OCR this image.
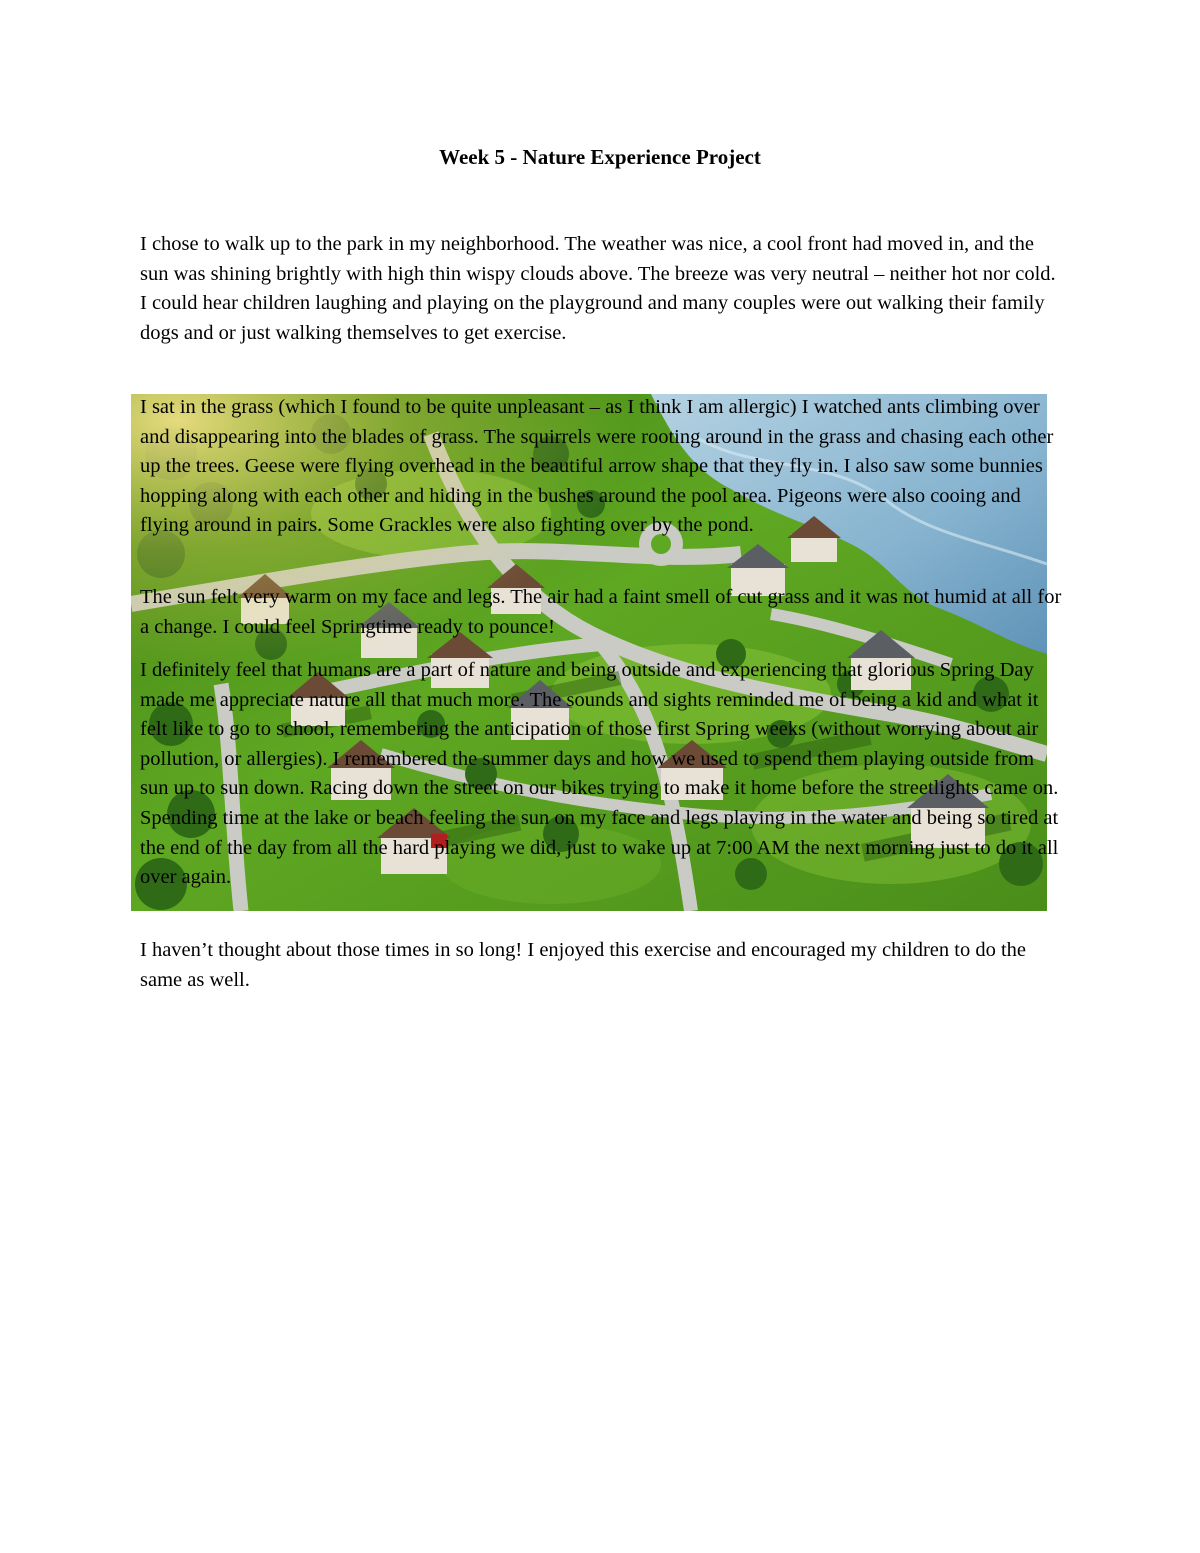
Week 5 - Nature Experience Project

I chose to walk up to the park in my neighborhood. The weather was nice, a cool front had moved in, and the sun was shining brightly with high thin wispy clouds above. The breeze was very neutral – neither hot nor cold. I could hear children laughing and playing on the playground and many couples were out walking their family dogs and or just walking themselves to get exercise.

I sat in the grass (which I found to be quite unpleasant – as I think I am allergic) I watched ants climbing over and disappearing into the blades of grass. The squirrels were rooting around in the grass and chasing each other up the trees. Geese were flying overhead in the beautiful arrow shape that they fly in. I also saw some bunnies hopping along with each other and hiding in the bushes around the pool area. Pigeons were also cooing and flying around in pairs. Some Grackles were also fighting over by the pond.

The sun felt very warm on my face and legs. The air had a faint smell of cut grass and it was not humid at all for a change. I could feel Springtime ready to pounce!

I definitely feel that humans are a part of nature and being outside and experiencing that glorious Spring Day made me appreciate nature all that much more. The sounds and sights reminded me of being a kid and what it felt like to go to school, remembering the anticipation of those first Spring weeks (without worrying about air pollution, or allergies). I remembered the summer days and how we used to spend them playing outside from sun up to sun down. Racing down the street on our bikes trying to make it home before the streetlights came on. Spending time at the lake or beach feeling the sun on my face and legs playing in the water and being so tired at the end of the day from all the hard playing we did, just to wake up at 7:00 AM the next morning just to do it all over again.

I haven’t thought about those times in so long! I enjoyed this exercise and encouraged my children to do the same as well.
